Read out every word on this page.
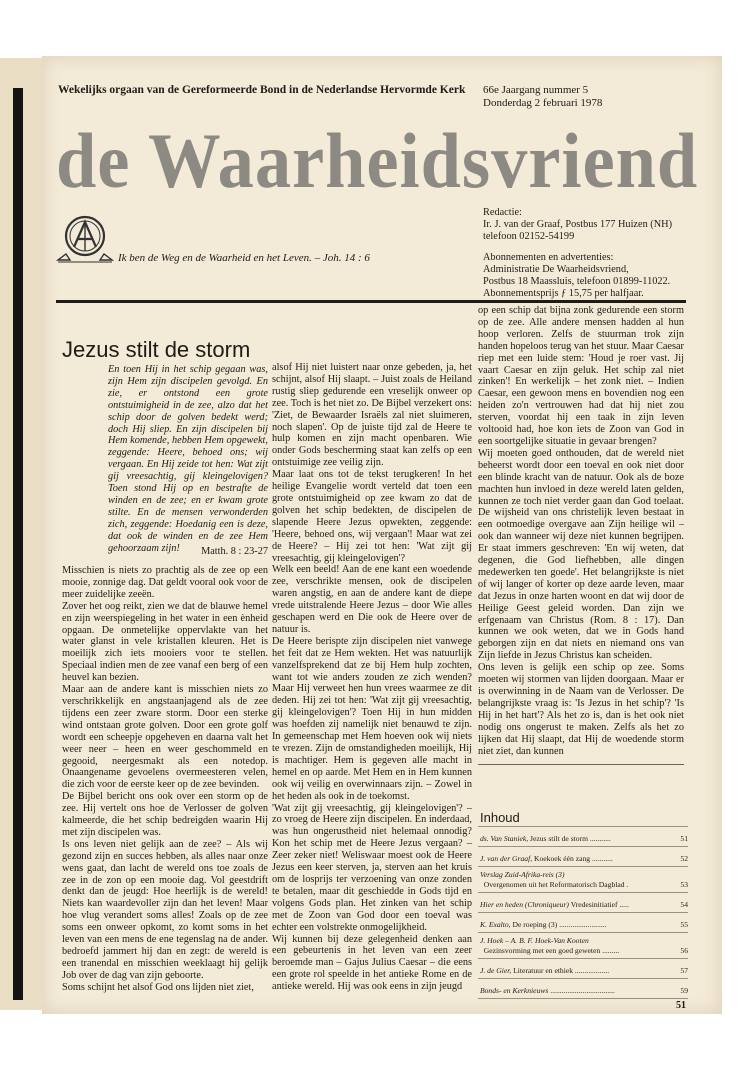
Wekelijks orgaan van de Gereformeerde Bond in de Nederlandse Hervormde Kerk 66e Jaargang nummer 5
Donderdag 2 februari 1978
de Waarheidsvriend
Ik ben de Weg en de Waarheid en het Leven. – Joh. 14 : 6
Redactie:
Ir. J. van der Graaf, Postbus 177 Huizen (NH)
telefoon 02152-54199
Abonnementen en advertenties:
Administratie De Waarheidsvriend,
Postbus 18 Maassluis, telefoon 01899-11022.
Abonnementsprijs ƒ 15,75 per halfjaar.
Jezus stilt de storm
En toen Hij in het schip gegaan was, zijn Hem zijn discipelen gevolgd. En zie, er ontstond een grote ontstuimigheid in de zee, alzo dat het schip door de golven bedekt werd; doch Hij sliep. En zijn discipelen bij Hem komende, hebben Hem opgewekt, zeggende: Heere, behoed ons; wij vergaan. En Hij zeide tot hen: Wat zijt gij vreesachtig, gij kleingelovigen? Toen stond Hij op en bestrafte de winden en de zee; en er kwam grote stilte. En de mensen verwonderden zich, zeggende: Hoedanig een is deze, dat ook de winden en de zee Hem gehoorzaam zijn!	Matth. 8 : 23-27
Misschien is niets zo prachtig als de zee op een mooie, zonnige dag. Dat geldt vooral ook voor de meer zuidelijke zeeën.
Zover het oog reikt, zien we dat de blauwe hemel en zijn weerspiegeling in het water in een ènheid opgaan. De onmetelijke oppervlakte van het water glanst in vele kristallen kleuren. Het is moeilijk zich iets mooiers voor te stellen. Speciaal indien men de zee vanaf een berg of een heuvel kan bezien.
Maar aan de andere kant is misschien niets zo verschrikkelijk en angstaanjagend als de zee tijdens een zeer zware storm. Door een sterke wind ontstaan grote golven. Door een grote golf wordt een scheepje opgeheven en daarna valt het weer neer – heen en weer geschommeld en gegooid, neergesmakt als een notedop. Onaangename gevoelens overmeesteren velen, die zich voor de eerste keer op de zee bevinden.
De Bijbel bericht ons ook over een storm op de zee. Hij vertelt ons hoe de Verlosser de golven kalmeerde, die het schip bedreigden waarin Hij met zijn discipelen was.
Is ons leven niet gelijk aan de zee? – Als wij gezond zijn en succes hebben, als alles naar onze wens gaat, dan lacht de wereld ons toe zoals de zee in de zon op een mooie dag. Vol geestdrift denkt dan de jeugd: Hoe heerlijk is de wereld! Niets kan waardevoller zijn dan het leven! Maar hoe vlug verandert soms alles! Zoals op de zee soms een onweer opkomt, zo komt soms in het leven van een mens de ene tegenslag na de ander. bedroefd jammert hij dan en zegt: de wereld is een tranendal en misschien weeklaagt hij gelijk Job over de dag van zijn geboorte.
Soms schijnt het alsof God ons lijden niet ziet,
alsof Hij niet luistert naar onze gebeden, ja, het schijnt, alsof Hij slaapt. – Juist zoals de Heiland rustig sliep gedurende een vreselijk onweer op zee. Toch is het niet zo. De Bijbel verzekert ons: 'Ziet, de Bewaarder Israëls zal niet sluimeren, noch slapen'. Op de juiste tijd zal de Heere te hulp komen en zijn macht openbaren. Wie onder Gods bescherming staat kan zelfs op een ontstuimige zee veilig zijn.
Maar laat ons tot de tekst terugkeren! In het heilige Evangelie wordt verteld dat toen een grote ontstuimigheid op zee kwam zo dat de golven het schip bedekten, de discipelen de slapende Heere Jezus opwekten, zeggende: 'Heere, behoed ons, wij vergaan'! Maar wat zei de Heere? – Hij zei tot hen: 'Wat zijt gij vreesachtig, gij kleingelovigen'?
Welk een beeld! Aan de ene kant een woedende zee, verschrikte mensen, ook de discipelen waren angstig, en aan de andere kant de diepe vrede uitstralende Heere Jezus – door Wie alles geschapen werd en Die ook de Heere over de natuur is.
De Heere berispte zijn discipelen niet vanwege het feit dat ze Hem wekten. Het was natuurlijk vanzelfsprekend dat ze bij Hem hulp zochten, want tot wie anders zouden ze zich wenden? Maar Hij verweet hen hun vrees waarmee ze dit deden. Hij zei tot hen: 'Wat zijt gij vreesachtig, gij kleingelovigen'? Toen Hij in hun midden was hoefden zij namelijk niet benauwd te zijn. In gemeenschap met Hem hoeven ook wij niets te vrezen. Zijn de omstandigheden moeilijk, Hij is machtiger. Hem is gegeven alle macht in hemel en op aarde. Met Hem en in Hem kunnen ook wij veilig en overwinnaars zijn. – Zowel in het heden als ook in de toekomst.
'Wat zijt gij vreesachtig, gij kleingelovigen'? – zo vroeg de Heere zijn discipelen. En inderdaad, was hun ongerustheid niet helemaal onnodig? Kon het schip met de Heere Jezus vergaan? – Zeer zeker niet! Weliswaar moest ook de Heere Jezus een keer sterven, ja, sterven aan het kruis om de losprijs ter verzoening van onze zonden te betalen, maar dit geschiedde in Gods tijd en volgens Gods plan. Het zinken van het schip met de Zoon van God door een toeval was echter een volstrekte onmogelijkheid.
Wij kunnen bij deze gelegenheid denken aan een gebeurtenis in het leven van een zeer beroemde man – Gajus Julius Caesar – die eens een grote rol speelde in het antieke Rome en de antieke wereld. Hij was ook eens in zijn jeugd
op een schip dat bijna zonk gedurende een storm op de zee. Alle andere mensen hadden al hun hoop verloren. Zelfs de stuurman trok zijn handen hopeloos terug van het stuur. Maar Caesar riep met een luide stem: 'Houd je roer vast. Jij vaart Caesar en zijn geluk. Het schip zal niet zinken'! En werkelijk – het zonk niet. – Indien Caesar, een gewoon mens en bovendien nog een heiden zo'n vertrouwen had dat hij niet zou sterven, voordat hij een taak in zijn leven voltooid had, hoe kon iets de Zoon van God in een soortgelijke situatie in gevaar brengen?
Wij moeten goed onthouden, dat de wereld niet beheerst wordt door een toeval en ook niet door een blinde kracht van de natuur. Ook als de boze machten hun invloed in deze wereld laten gelden, kunnen ze toch niet verder gaan dan God toelaat. De wijsheid van ons christelijk leven bestaat in een ootmoedige overgave aan Zijn heilige wil – ook dan wanneer wij deze niet kunnen begrijpen. Er staat immers geschreven: 'En wij weten, dat degenen, die God liefhebben, alle dingen medewerken ten goede'. Het belangrijkste is niet of wij langer of korter op deze aarde leven, maar dat Jezus in onze harten woont en dat wij door de Heilige Geest geleid worden. Dan zijn we erfgenaam van Christus (Rom. 8 : 17). Dan kunnen we ook weten, dat we in Gods hand geborgen zijn en dat niets en niemand ons van Zijn liefde in Jezus Christus kan scheiden.
Ons leven is gelijk een schip op zee. Soms moeten wij stormen van lijden doorgaan. Maar er is overwinning in de Naam van de Verlosser. De belangrijkste vraag is: 'Is Jezus in het schip'? 'Is Hij in het hart'? Als het zo is, dan is het ook niet nodig ons ongerust te maken. Zelfs als het zo lijken dat Hij slaapt, dat Hij de woedende storm niet ziet, dan kunnen
Inhoud
ds. Van Staniek, Jezus stilt de storm ...........	51
J. van der Graaf, Koekoek één zang ...........	52
Verslag Zuid-Afrika-reis (3)
Overgenomen uit het Reformatorisch Dagblad .	53
Hier en heden (Chroniqueur) Vredesinitiatief .....	54
K. Exalto, De roeping (3) .........................	55
J. Hoek – A. B. F. Hoek-Van Kooten
Gezinsvorming met een goed geweten .........	56
J. de Gier, Literatuur en ethiek ..................	57
Bonds- en Kerknieuws ..................................	59
51
